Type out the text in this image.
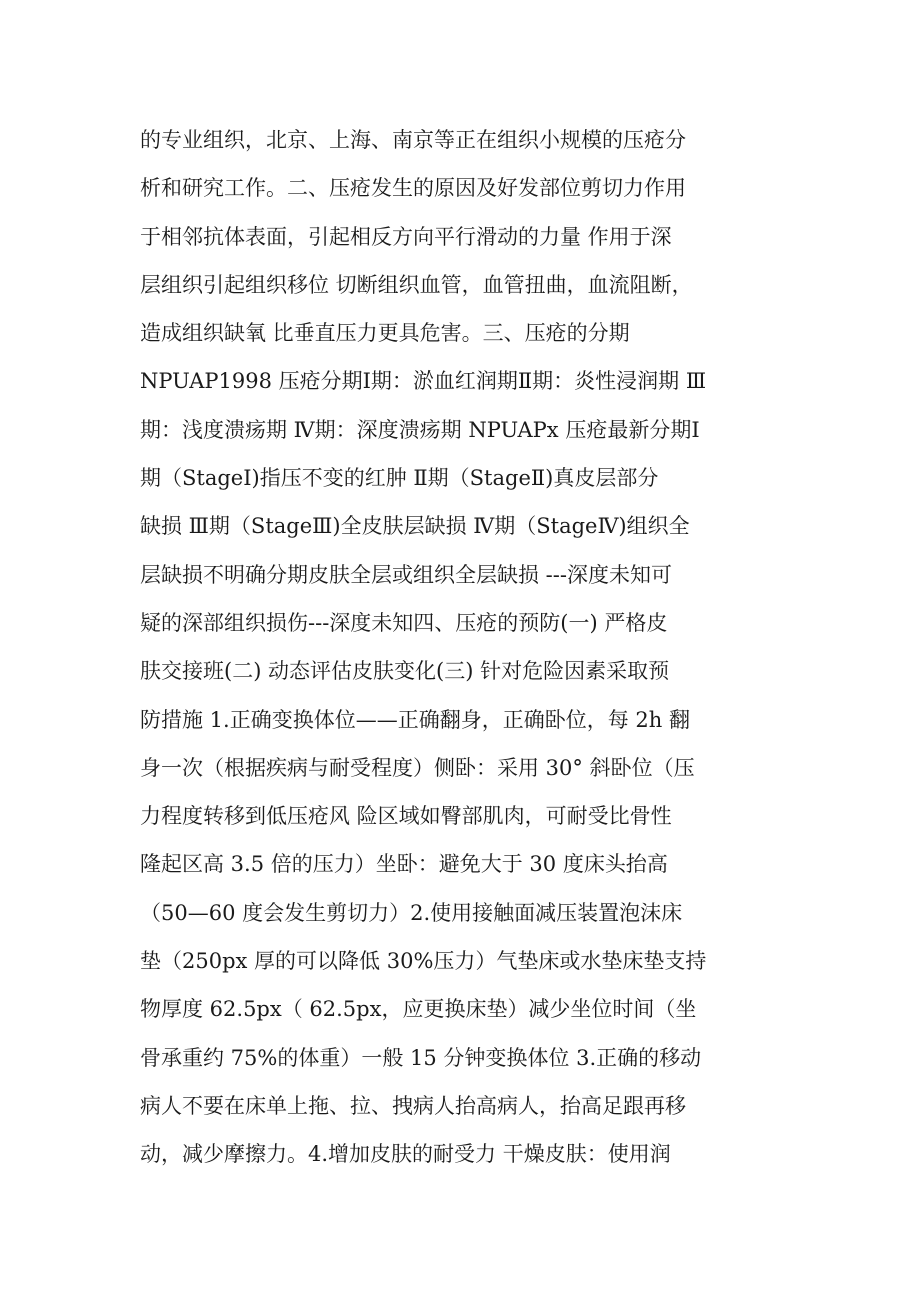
的专业组织，北京、上海、南京等正在组织小规模的压疮分
析和研究工作。二、压疮发生的原因及好发部位剪切力作用
于相邻抗体表面，引起相反方向平行滑动的力量 作用于深
层组织引起组织移位 切断组织血管，血管扭曲，血流阻断，
造成组织缺氧 比垂直压力更具危害。三、压疮的分期
NPUAP1998 压疮分期Ⅰ期：淤血红润期Ⅱ期：炎性浸润期 Ⅲ
期：浅度溃疡期 Ⅳ期：深度溃疡期 NPUAPx 压疮最新分期Ⅰ
期（StageⅠ)指压不变的红肿 Ⅱ期（StageⅡ)真皮层部分
缺损 Ⅲ期（StageⅢ)全皮肤层缺损 Ⅳ期（StageⅣ)组织全
层缺损不明确分期皮肤全层或组织全层缺损 ---深度未知可
疑的深部组织损伤---深度未知四、压疮的预防(一) 严格皮
肤交接班(二) 动态评估皮肤变化(三) 针对危险因素采取预
防措施 1.正确变换体位——正确翻身，正确卧位，每 2h 翻
身一次（根据疾病与耐受程度）侧卧：采用 30° 斜卧位（压
力程度转移到低压疮风 险区域如臀部肌肉，可耐受比骨性
隆起区高 3.5 倍的压力）坐卧：避免大于 30 度床头抬高
（50—60 度会发生剪切力）2.使用接触面减压装置泡沫床
垫（250px 厚的可以降低 30%压力）气垫床或水垫床垫支持
物厚度 62.5px（ 62.5px，应更换床垫）减少坐位时间（坐
骨承重约 75%的体重）一般 15 分钟变换体位 3.正确的移动
病人不要在床单上拖、拉、拽病人抬高病人，抬高足跟再移
动，减少摩擦力。4.增加皮肤的耐受力 干燥皮肤：使用润
